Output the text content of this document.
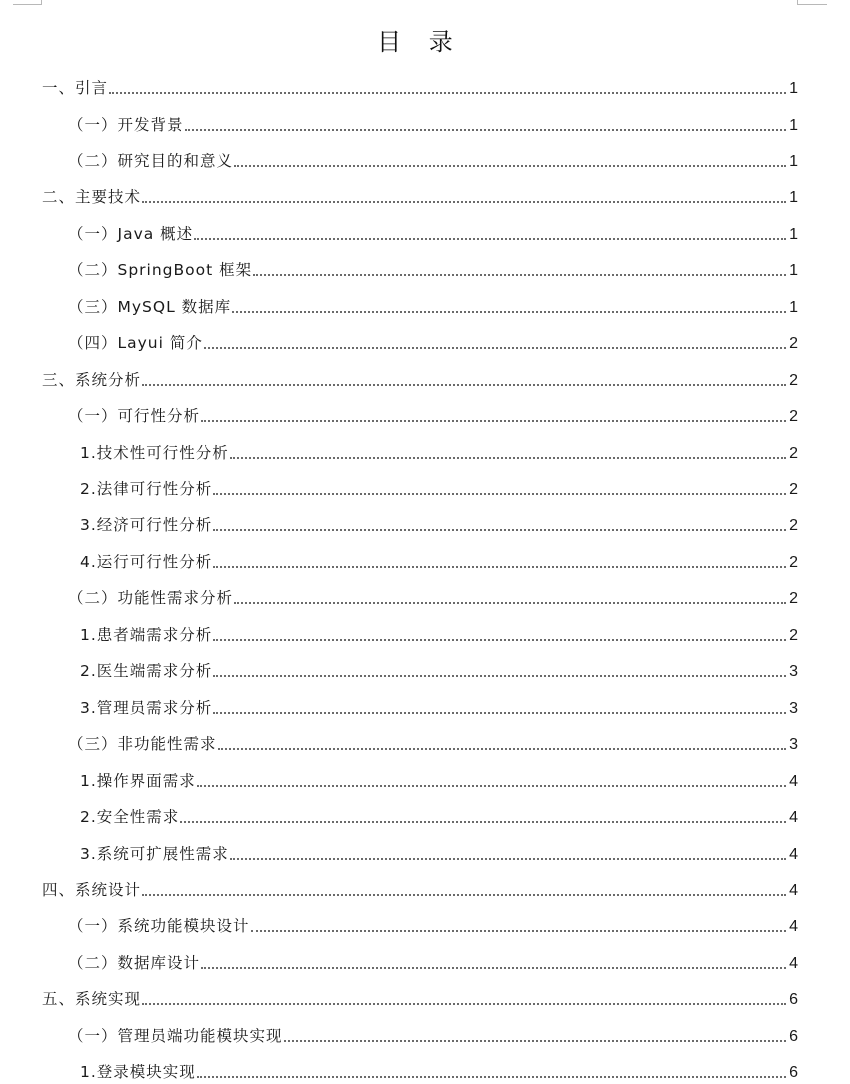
目 录
一、引言	1
（一）开发背景	1
（二）研究目的和意义	1
二、主要技术	1
（一）Java 概述	1
（二）SpringBoot 框架	1
（三）MySQL 数据库	1
（四）Layui 简介	2
三、系统分析	2
（一）可行性分析	2
1.技术性可行性分析	2
2.法律可行性分析	2
3.经济可行性分析	2
4.运行可行性分析	2
（二）功能性需求分析	2
1.患者端需求分析	2
2.医生端需求分析	3
3.管理员需求分析	3
（三）非功能性需求	3
1.操作界面需求	4
2.安全性需求	4
3.系统可扩展性需求	4
四、系统设计	4
（一）系统功能模块设计	4
（二）数据库设计	4
五、系统实现	6
（一）管理员端功能模块实现	6
1.登录模块实现	6
